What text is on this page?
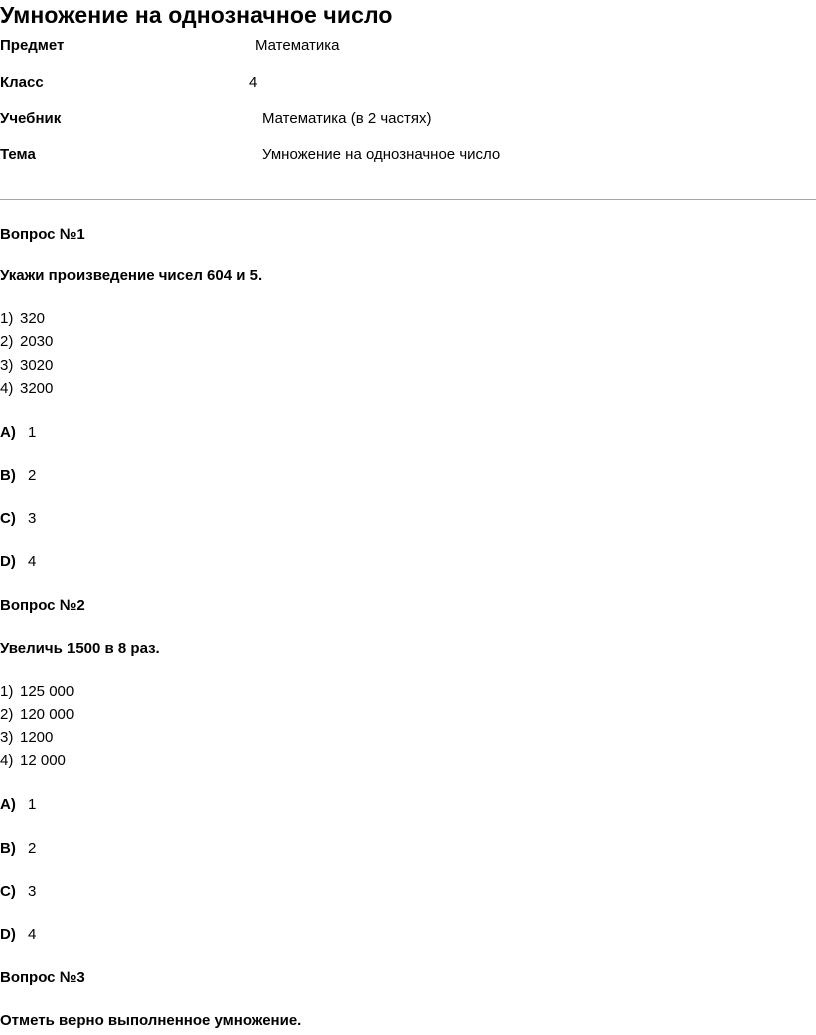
Умножение на однозначное число
Предмет	Математика
Класс	4
Учебник	Математика (в 2 частях)
Тема	Умножение на однозначное число
Вопрос №1
Укажи произведение чисел 604 и 5.
1) 320
2) 2030
3) 3020
4) 3200
A) 1
B) 2
C) 3
D) 4
Вопрос №2
Увеличь 1500 в 8 раз.
1) 125 000
2) 120 000
3) 1200
4) 12 000
A) 1
B) 2
C) 3
D) 4
Вопрос №3
Отметь верно выполненное умножение.
